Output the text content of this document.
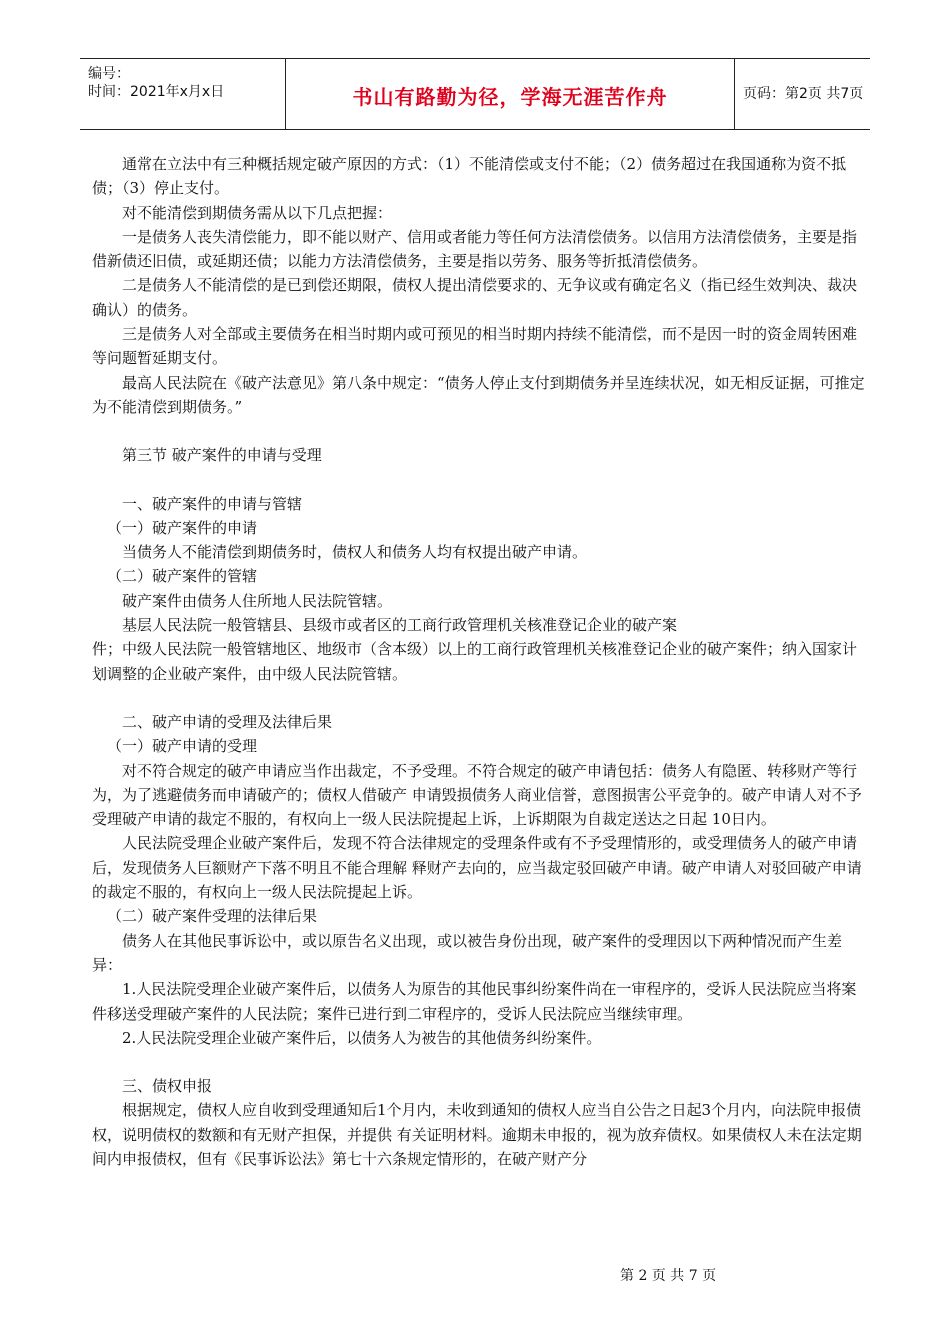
编号：
时间：2021年x月x日	书山有路勤为径，学海无涯苦作舟	页码：第2页 共7页

通常在立法中有三种概括规定破产原因的方式：（1）不能清偿或支付不能；（2）债务超过在我国通称为资不抵债；（3）停止支付。

对不能清偿到期债务需从以下几点把握：

一是债务人丧失清偿能力，即不能以财产、信用或者能力等任何方法清偿债务。以信用方法清偿债务，主要是指借新债还旧债，或延期还债；以能力方法清偿债务，主要是指以劳务、服务等折抵清偿债务。

二是债务人不能清偿的是已到偿还期限，债权人提出清偿要求的、无争议或有确定名义（指已经生效判决、裁决确认）的债务。

三是债务人对全部或主要债务在相当时期内或可预见的相当时期内持续不能清偿，而不是因一时的资金周转困难等问题暂延期支付。

最高人民法院在《破产法意见》第八条中规定：“债务人停止支付到期债务并呈连续状况，如无相反证据，可推定为不能清偿到期债务。”

第三节 破产案件的申请与受理

一、破产案件的申请与管辖

（一）破产案件的申请

当债务人不能清偿到期债务时，债权人和债务人均有权提出破产申请。

（二）破产案件的管辖

破产案件由债务人住所地人民法院管辖。

基层人民法院一般管辖县、县级市或者区的工商行政管理机关核准登记企业的破产案

件；中级人民法院一般管辖地区、地级市（含本级）以上的工商行政管理机关核准登记企业的破产案件；纳入国家计划调整的企业破产案件，由中级人民法院管辖。

二、破产申请的受理及法律后果

（一）破产申请的受理

对不符合规定的破产申请应当作出裁定，不予受理。不符合规定的破产申请包括：债务人有隐匿、转移财产等行为，为了逃避债务而申请破产的；债权人借破产 申请毁损债务人商业信誉，意图损害公平竞争的。破产申请人对不予受理破产申请的裁定不服的，有权向上一级人民法院提起上诉，上诉期限为自裁定送达之日起 10日内。

人民法院受理企业破产案件后，发现不符合法律规定的受理条件或有不予受理情形的，或受理债务人的破产申请后，发现债务人巨额财产下落不明且不能合理解 释财产去向的，应当裁定驳回破产申请。破产申请人对驳回破产申请的裁定不服的，有权向上一级人民法院提起上诉。

（二）破产案件受理的法律后果

债务人在其他民事诉讼中，或以原告名义出现，或以被告身份出现，破产案件的受理因以下两种情况而产生差异：

1.人民法院受理企业破产案件后，以债务人为原告的其他民事纠纷案件尚在一审程序的，受诉人民法院应当将案件移送受理破产案件的人民法院；案件已进行到二审程序的，受诉人民法院应当继续审理。

2.人民法院受理企业破产案件后，以债务人为被告的其他债务纠纷案件。

三、债权申报

根据规定，债权人应自收到受理通知后1个月内，未收到通知的债权人应当自公告之日起3个月内，向法院申报债权，说明债权的数额和有无财产担保，并提供 有关证明材料。逾期未申报的，视为放弃债权。如果债权人未在法定期间内申报债权，但有《民事诉讼法》第七十六条规定情形的，在破产财产分

第 2 页 共 7 页
